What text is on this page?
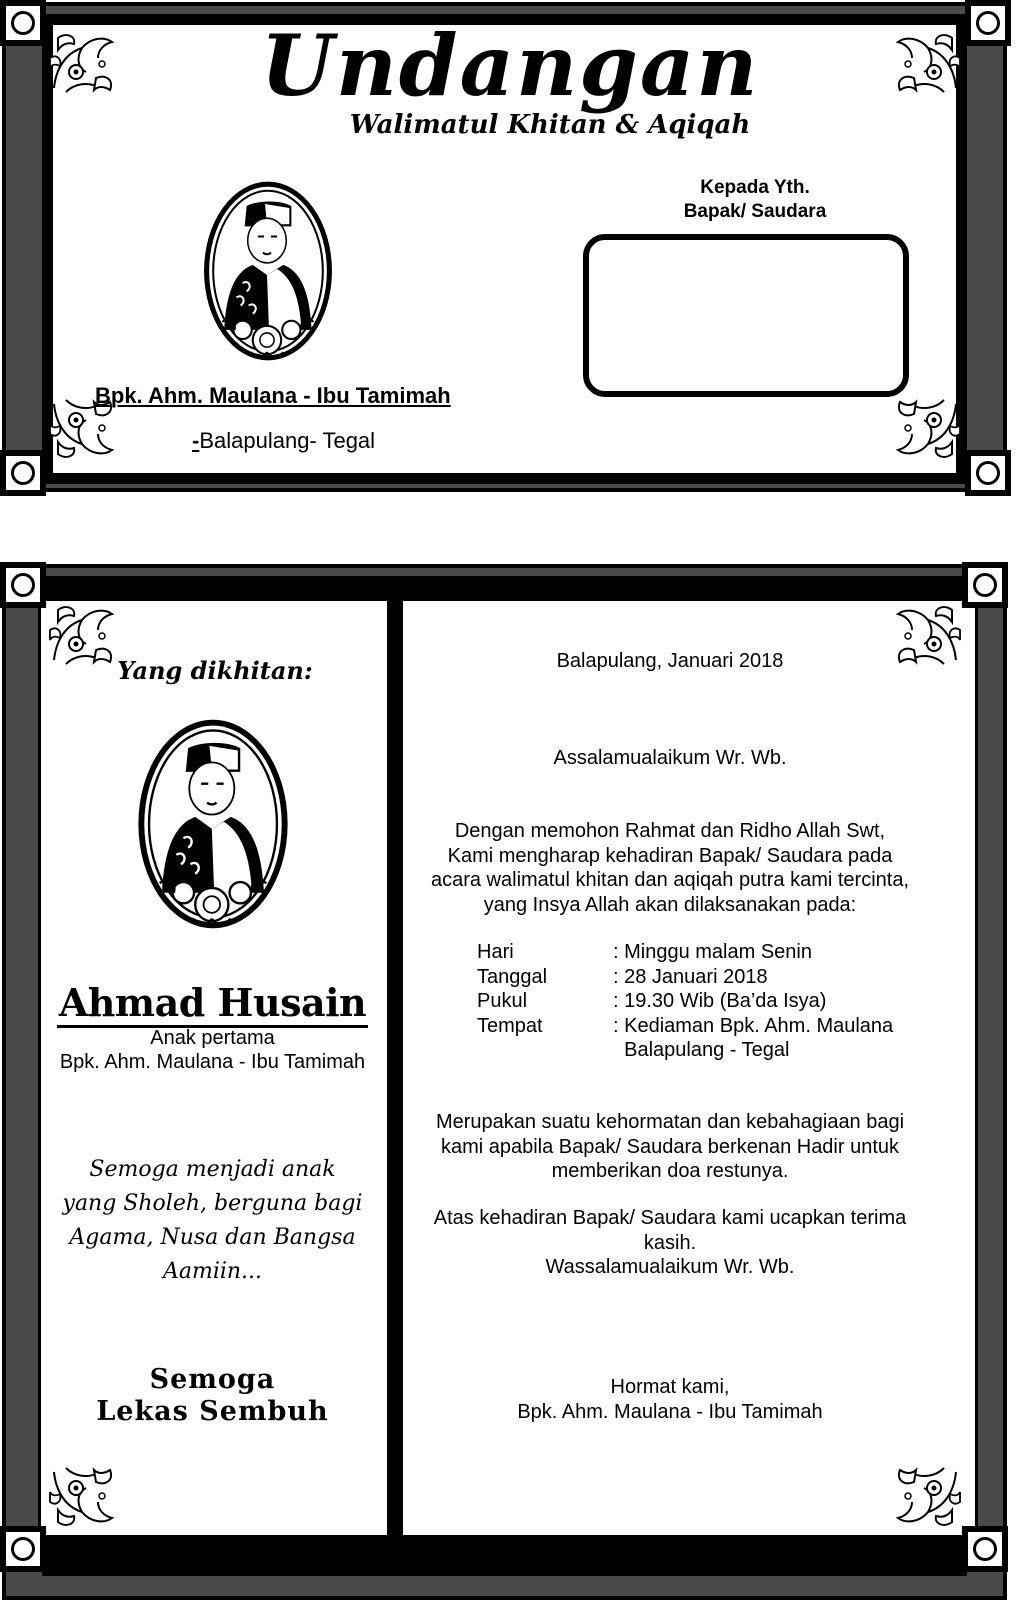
Undangan
Walimatul Khitan & Aqiqah
Kepada Yth.
Bapak/ Saudara
Bpk. Ahm. Maulana - Ibu Tamimah
-Balapulang- Tegal
Yang dikhitan:
Ahmad Husain
Anak pertama
Bpk. Ahm. Maulana - Ibu Tamimah
Semoga menjadi anak
yang Sholeh, berguna bagi
Agama, Nusa dan Bangsa
Aamiin...
Semoga
Lekas Sembuh
Balapulang, Januari 2018
Assalamualaikum Wr. Wb.
Dengan memohon Rahmat dan Ridho Allah Swt,
Kami mengharap kehadiran Bapak/ Saudara pada
acara walimatul khitan dan aqiqah putra kami tercinta,
yang Insya Allah akan dilaksanakan pada:
Hari	: Minggu malam Senin
Tanggal	: 28 Januari 2018
Pukul	: 19.30 Wib (Ba’da Isya)
Tempat	: Kediaman Bpk. Ahm. Maulana
Balapulang - Tegal
Merupakan suatu kehormatan dan kebahagiaan bagi
kami apabila Bapak/ Saudara berkenan Hadir untuk
memberikan doa restunya.
Atas kehadiran Bapak/ Saudara kami ucapkan terima
kasih.
Wassalamualaikum Wr. Wb.
Hormat kami,
Bpk. Ahm. Maulana - Ibu Tamimah
